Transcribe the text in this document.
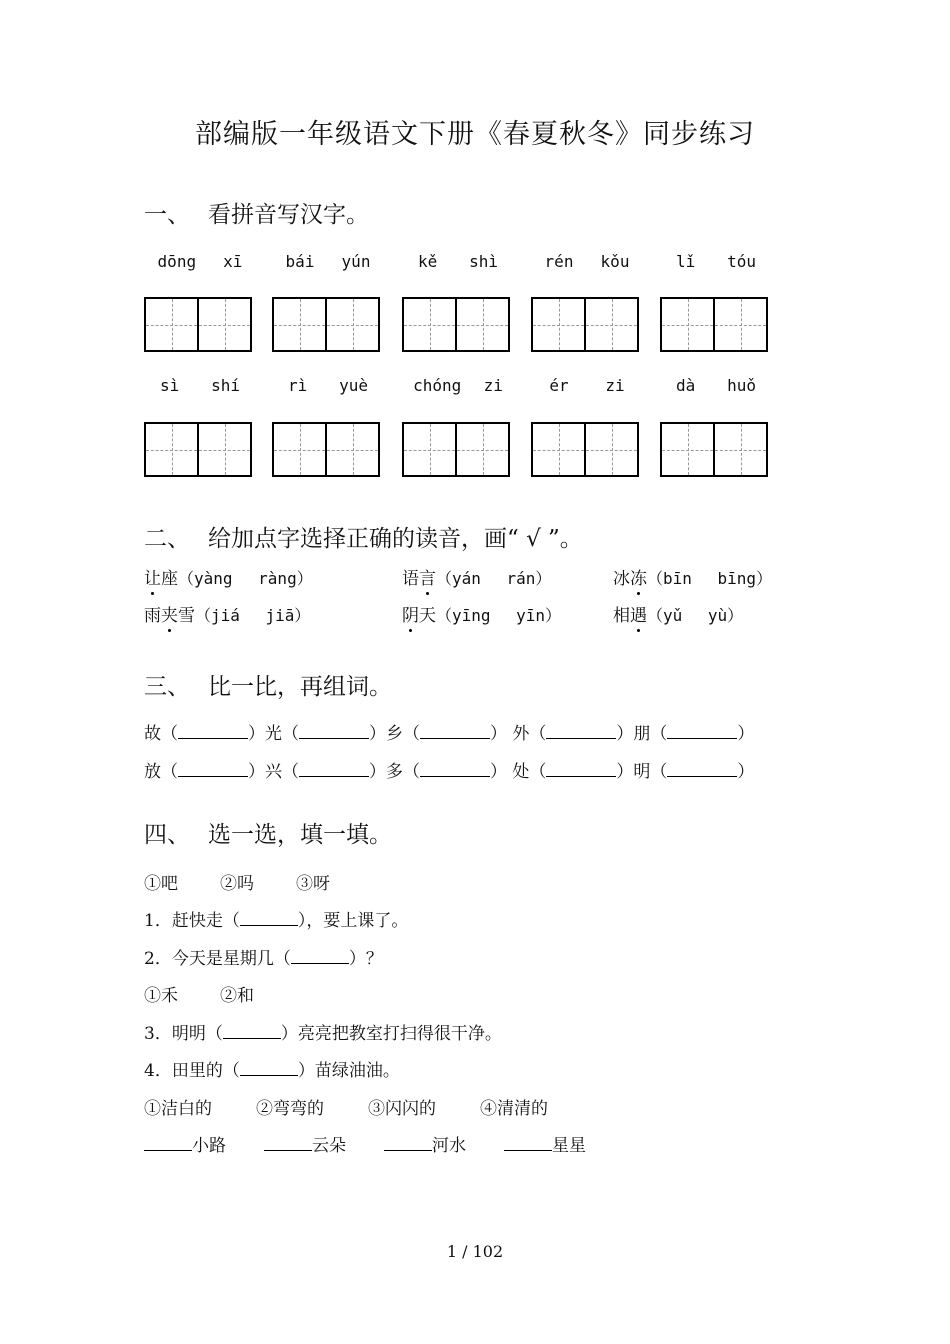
部编版一年级语文下册《春夏秋冬》同步练习
一、 看拼音写汉字。
dōng xī	bái yún	kě shì	rén kǒu	lǐ tóu
sì shí	rì yuè	chóng zi	ér zi	dà huǒ
二、 给加点字选择正确的读音，画“ √ ”。
让座（yàng　 ràng）	语言（yán　 rán）	冰冻（bīn　 bīng）
雨夹雪（jiá　 jiā）	阴天（yīng　 yīn）	相遇（yǔ　 yù）
三、 比一比，再组词。
故（	）光（	）乡（	） 外（	）朋（	）
放（	）兴（	）多（	） 处（	）明（	）
四、 选一选，填一填。
①吧 ②吗 ③呀
1．赶快走（	），要上课了。
2．今天是星期几（	）？
①禾 ②和
3．明明（	）亮亮把教室打扫得很干净。
4．田里的（	）苗绿油油。
①洁白的	②弯弯的	③闪闪的	④清清的
小路	云朵	河水	星星
1 / 102
